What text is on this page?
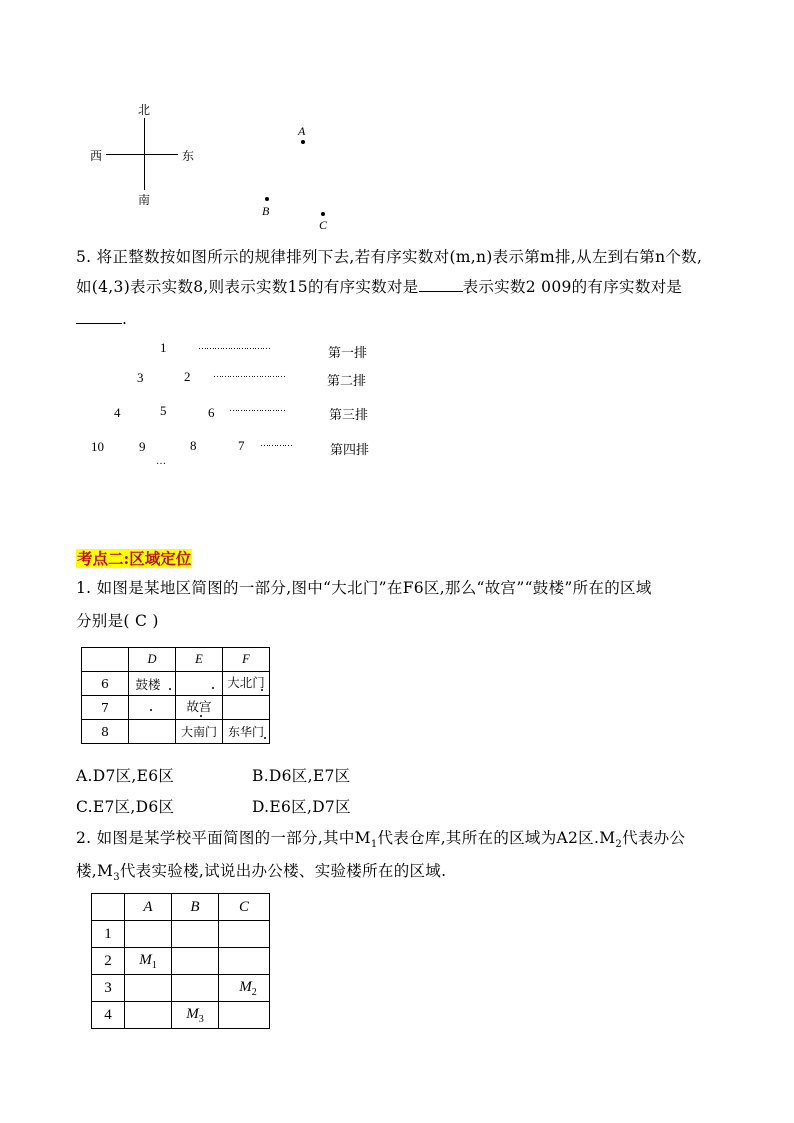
北
南
西	东
A
B
C
5. 将正整数按如图所示的规律排列下去,若有序实数对(m,n)表示第m排,从左到右第n个数,
如(4,3)表示实数8,则表示实数15的有序实数对是	表示实数2 009的有序实数对是
.
1	………………………	第一排
3	2	………………………	第二排
4	5	6 …………………	第三排
10	9	8	7 …………	第四排
…
考点二:区域定位
1. 如图是某地区简图的一部分,图中“大北门”在F6区,那么“故宫”“鼓楼”所在的区域
分别是( C )
	D	E	F
6	鼓楼		大北门

7		故宫

8		大南门	东华门
A.D7区,E6区	B.D6区,E7区
C.E7区,D6区	D.E6区,D7区
2. 如图是某学校平面简图的一部分,其中$M_1$代表仓库,其所在的区域为A2区$.M_2$代表办公
楼$,M_3$代表实验楼,试说出办公楼、实验楼所在的区域.
	A	B	C
1			
2	$M_1$		
3			$M_2$
4		$M_3$	
